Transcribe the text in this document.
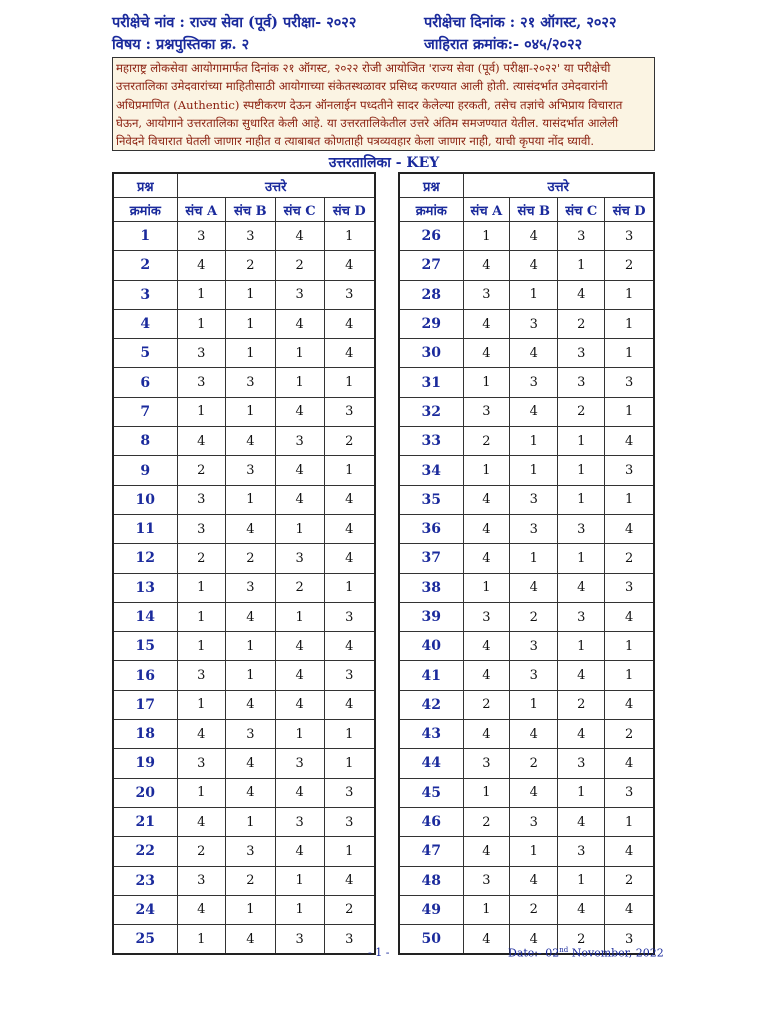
परीक्षेचे नांव : राज्य सेवा (पूर्व) परीक्षा- २०२२	परीक्षेचा दिनांक : २१ ऑगस्ट, २०२२
विषय : प्रश्नपुस्तिका क्र. २	जाहिरात क्रमांक:- ०४५/२०२२
महाराष्ट्र लोकसेवा आयोगामार्फत दिनांक २१ ऑगस्ट, २०२२ रोजी आयोजित 'राज्य सेवा (पूर्व) परीक्षा-२०२२' या परीक्षेची
उत्तरतालिका उमेदवारांच्या माहितीसाठी आयोगाच्या संकेतस्थळावर प्रसिध्द करण्यात आली होती. त्यासंदर्भात उमेदवारांनी
अधिप्रमाणित (Authentic) स्पष्टीकरण देऊन ऑनलाईन पध्दतीने सादर केलेल्या हरकती, तसेच तज्ञांचे अभिप्राय विचारात
घेऊन, आयोगाने उत्तरतालिका सुधारित केली आहे. या उत्तरतालिकेतील उत्तरे अंतिम समजण्यात येतील. यासंदर्भात आलेली
निवेदने विचारात घेतली जाणार नाहीत व त्याबाबत कोणताही पत्रव्यवहार केला जाणार नाही, याची कृपया नोंद घ्यावी.
उत्तरतालिका - KEY
प्रश्न	उत्तरे			
क्रमांक	संच A	संच B	संच C	संच D
1	3	3	4	1
2	4	2	2	4
3	1	1	3	3
4	1	1	4	4
5	3	1	1	4
6	3	3	1	1
7	1	1	4	3
8	4	4	3	2
9	2	3	4	1
10	3	1	4	4
11	3	4	1	4
12	2	2	3	4
13	1	3	2	1
14	1	4	1	3
15	1	1	4	4
16	3	1	4	3
17	1	4	4	4
18	4	3	1	1
19	3	4	3	1
20	1	4	4	3
21	4	1	3	3
22	2	3	4	1
23	3	2	1	4
24	4	1	1	2
25	1	4	3	3
प्रश्न	उत्तरे			
क्रमांक	संच A	संच B	संच C	संच D
26	1	4	3	3
27	4	4	1	2
28	3	1	4	1
29	4	3	2	1
30	4	4	3	1
31	1	3	3	3
32	3	4	2	1
33	2	1	1	4
34	1	1	1	3
35	4	3	1	1
36	4	3	3	4
37	4	1	1	2
38	1	4	4	3
39	3	2	3	4
40	4	3	1	1
41	4	3	4	1
42	2	1	2	4
43	4	4	4	2
44	3	2	3	4
45	1	4	1	3
46	2	3	4	1
47	4	1	3	4
48	3	4	1	2
49	1	2	4	4
50	4	4	2	3
- 1 -	Date:- 02nd November, 2022
